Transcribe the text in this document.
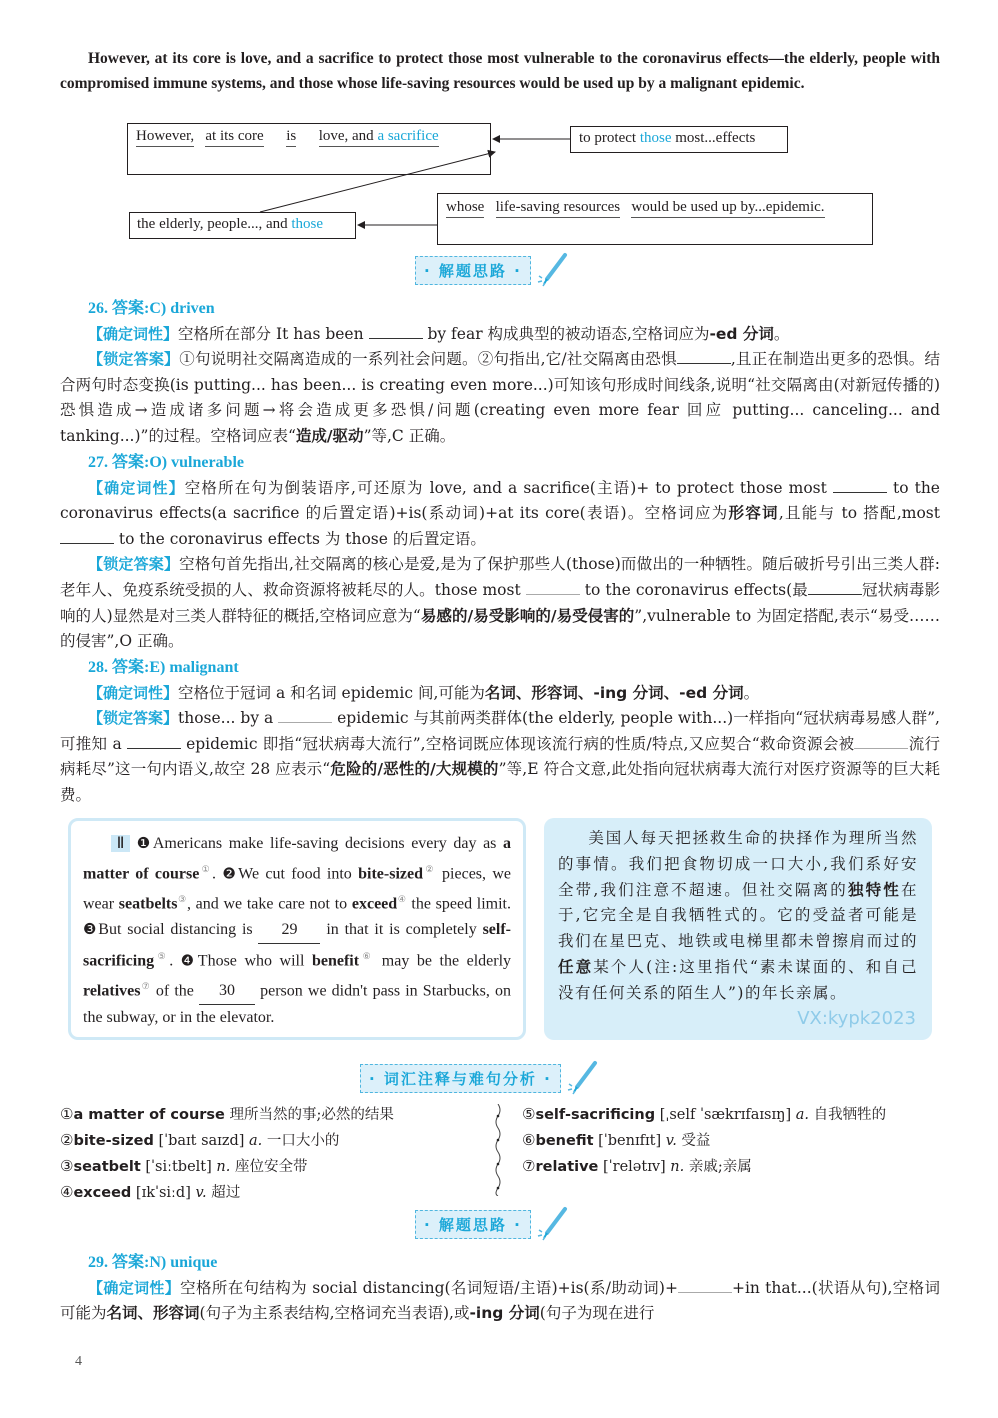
However, at its core is love, and a sacrifice to protect those most vulnerable to the coronavirus effects—the elderly, people with compromised immune systems, and those whose life-saving resources would be used up by a malignant epidemic.
However, at its core is love, and a sacrifice	to protect those most...effects
the elderly, people..., and those
whose life-saving resources would be used up by...epidemic.
· 解题思路 ·
26. 答案:C) driven
【确定词性】空格所在部分 It has been	by fear 构成典型的被动语态,空格词应为-ed 分词。
【锁定答案】①句说明社交隔离造成的一系列社会问题。②句指出,它/社交隔离由恐惧	,且正在制造出更多的恐惧。结合两句时态变换(is putting... has been... is creating even more...)可知该句形成时间线条,说明“社交隔离由(对新冠传播的)恐惧造成→造成诸多问题→将会造成更多恐惧/问题(creating even more fear 回应 putting... canceling... and tanking...)”的过程。空格词应表“造成/驱动”等,C 正确。
27. 答案:O) vulnerable
【确定词性】空格所在句为倒装语序,可还原为 love, and a sacrifice(主语)+ to protect those most	to the coronavirus effects(a sacrifice 的后置定语)+is(系动词)+at its core(表语)。空格词应为形容词,且能与 to 搭配,most  to the coronavirus effects 为 those 的后置定语。
【锁定答案】空格句首先指出,社交隔离的核心是爱,是为了保护那些人(those)而做出的一种牺牲。随后破折号引出三类人群:老年人、免疫系统受损的人、救命资源将被耗尽的人。those most	to the coronavirus effects(最	冠状病毒影响的人)显然是对三类人群特征的概括,空格词应意为“易感的/易受影响的/易受侵害的”,vulnerable to 为固定搭配,表示“易受……的侵害”,O 正确。
28. 答案:E) malignant
【确定词性】空格位于冠词 a 和名词 epidemic 间,可能为名词、形容词、-ing 分词、-ed 分词。
【锁定答案】those... by a	epidemic 与其前两类群体(the elderly, people with...)一样指向“冠状病毒易感人群”,可推知 a	epidemic 即指“冠状病毒大流行”,空格词既应体现该流行病的性质/特点,又应契合“救命资源会被	流行病耗尽”这一句内语义,故空 28 应表示“危险的/恶性的/大规模的”等,E 符合文意,此处指向冠状病毒大流行对医疗资源等的巨大耗费。
Ⅱ ❶Americans make life-saving decisions every day as a matter of course①. ❷We cut food into bite-sized② pieces, we wear seatbelts③, and we take care not to exceed④ the speed limit. ❸But social distancing is 29 in that it is completely self-sacrificing⑤. ❹Those who will benefit⑥ may be the elderly relatives⑦ of the 30 person we didn't pass in Starbucks, on the subway, or in the elevator.
美国人每天把拯救生命的抉择作为理所当然的事情。我们把食物切成一口大小,我们系好安全带,我们注意不超速。但社交隔离的独特性在于,它完全是自我牺牲式的。它的受益者可能是我们在星巴克、地铁或电梯里都未曾擦肩而过的任意某个人(注:这里指代“素未谋面的、和自己没有任何关系的陌生人”)的年长亲属。
VX:kypk2023
· 词汇注释与难句分析 ·
①a matter of course 理所当然的事;必然的结果
②bite-sized [ˈbaɪt saɪzd] a. 一口大小的
③seatbelt [ˈsiːtbelt] n. 座位安全带
④exceed [ɪkˈsiːd] v. 超过
⑤self-sacrificing [ˌself ˈsækrɪfaɪsɪŋ] a. 自我牺牲的
⑥benefit [ˈbenɪfɪt] v. 受益
⑦relative [ˈrelətɪv] n. 亲戚;亲属
· 解题思路 ·
29. 答案:N) unique
【确定词性】空格所在句结构为 social distancing(名词短语/主语)+is(系/助动词)+	+in that...(状语从句),空格词可能为名词、形容词(句子为主系表结构,空格词充当表语),或-ing 分词(句子为现在进行
4
